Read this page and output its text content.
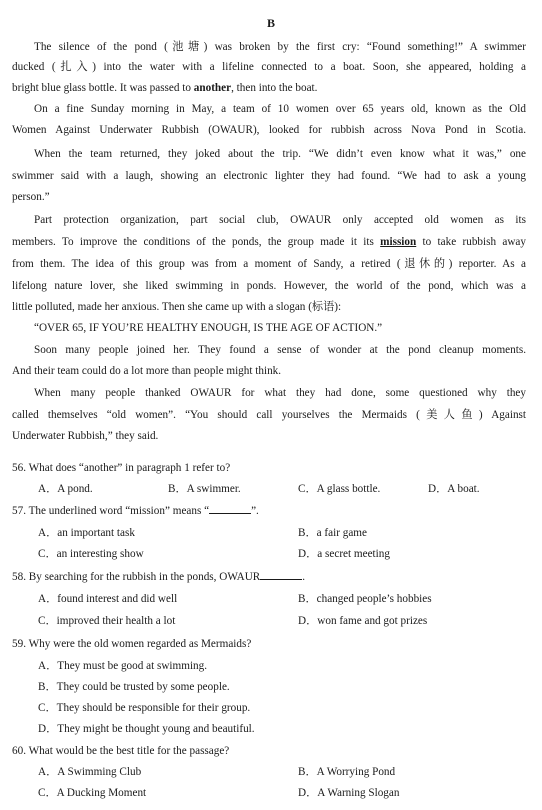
B
The silence of the pond (池塘) was broken by the first cry: “Found something!” A swimmer
ducked (扎入) into the water with a lifeline connected to a boat. Soon, she appeared, holding a
bright blue glass bottle. It was passed to another, then into the boat.
On a fine Sunday morning in May, a team of 10 women over 65 years old, known as the Old
Women Against Underwater Rubbish (OWAUR), looked for rubbish across Nova Pond in Scotia.
When the team returned, they joked about the trip. “We didn’t even know what it was,” one
swimmer said with a laugh, showing an electronic lighter they had found. “We had to ask a young
person.”
Part protection organization, part social club, OWAUR only accepted old women as its
members. To improve the conditions of the ponds, the group made it its mission to take rubbish away
from them. The idea of this group was from a moment of Sandy, a retired (退休的) reporter. As a
lifelong nature lover, she liked swimming in ponds. However, the world of the pond, which was a
little polluted, made her anxious. Then she came up with a slogan (标语):
“OVER 65, IF YOU’RE HEALTHY ENOUGH, IS THE AGE OF ACTION.”
Soon many people joined her. They found a sense of wonder at the pond cleanup moments.
And their team could do a lot more than people might think.
When many people thanked OWAUR for what they had done, some questioned why they
called themselves “old women”. “You should call yourselves the Mermaids (美人鱼) Against
Underwater Rubbish,” they said.
56. What does “another” in paragraph 1 refer to?
A．A pond.	B．A swimmer.	C．A glass bottle.	D．A boat.
57. The underlined word “mission” means “	”.
A．an important task	B．a fair game
C．an interesting show	D．a secret meeting
58. By searching for the rubbish in the ponds, OWAUR	.
A．found interest and did well	B．changed people’s hobbies
C．improved their health a lot	D．won fame and got prizes
59. Why were the old women regarded as Mermaids?
A．They must be good at swimming.
B．They could be trusted by some people.
C．They should be responsible for their group.
D．They might be thought young and beautiful.
60. What would be the best title for the passage?
A．A Swimming Club	B．A Worrying Pond
C．A Ducking Moment	D．A Warning Slogan
